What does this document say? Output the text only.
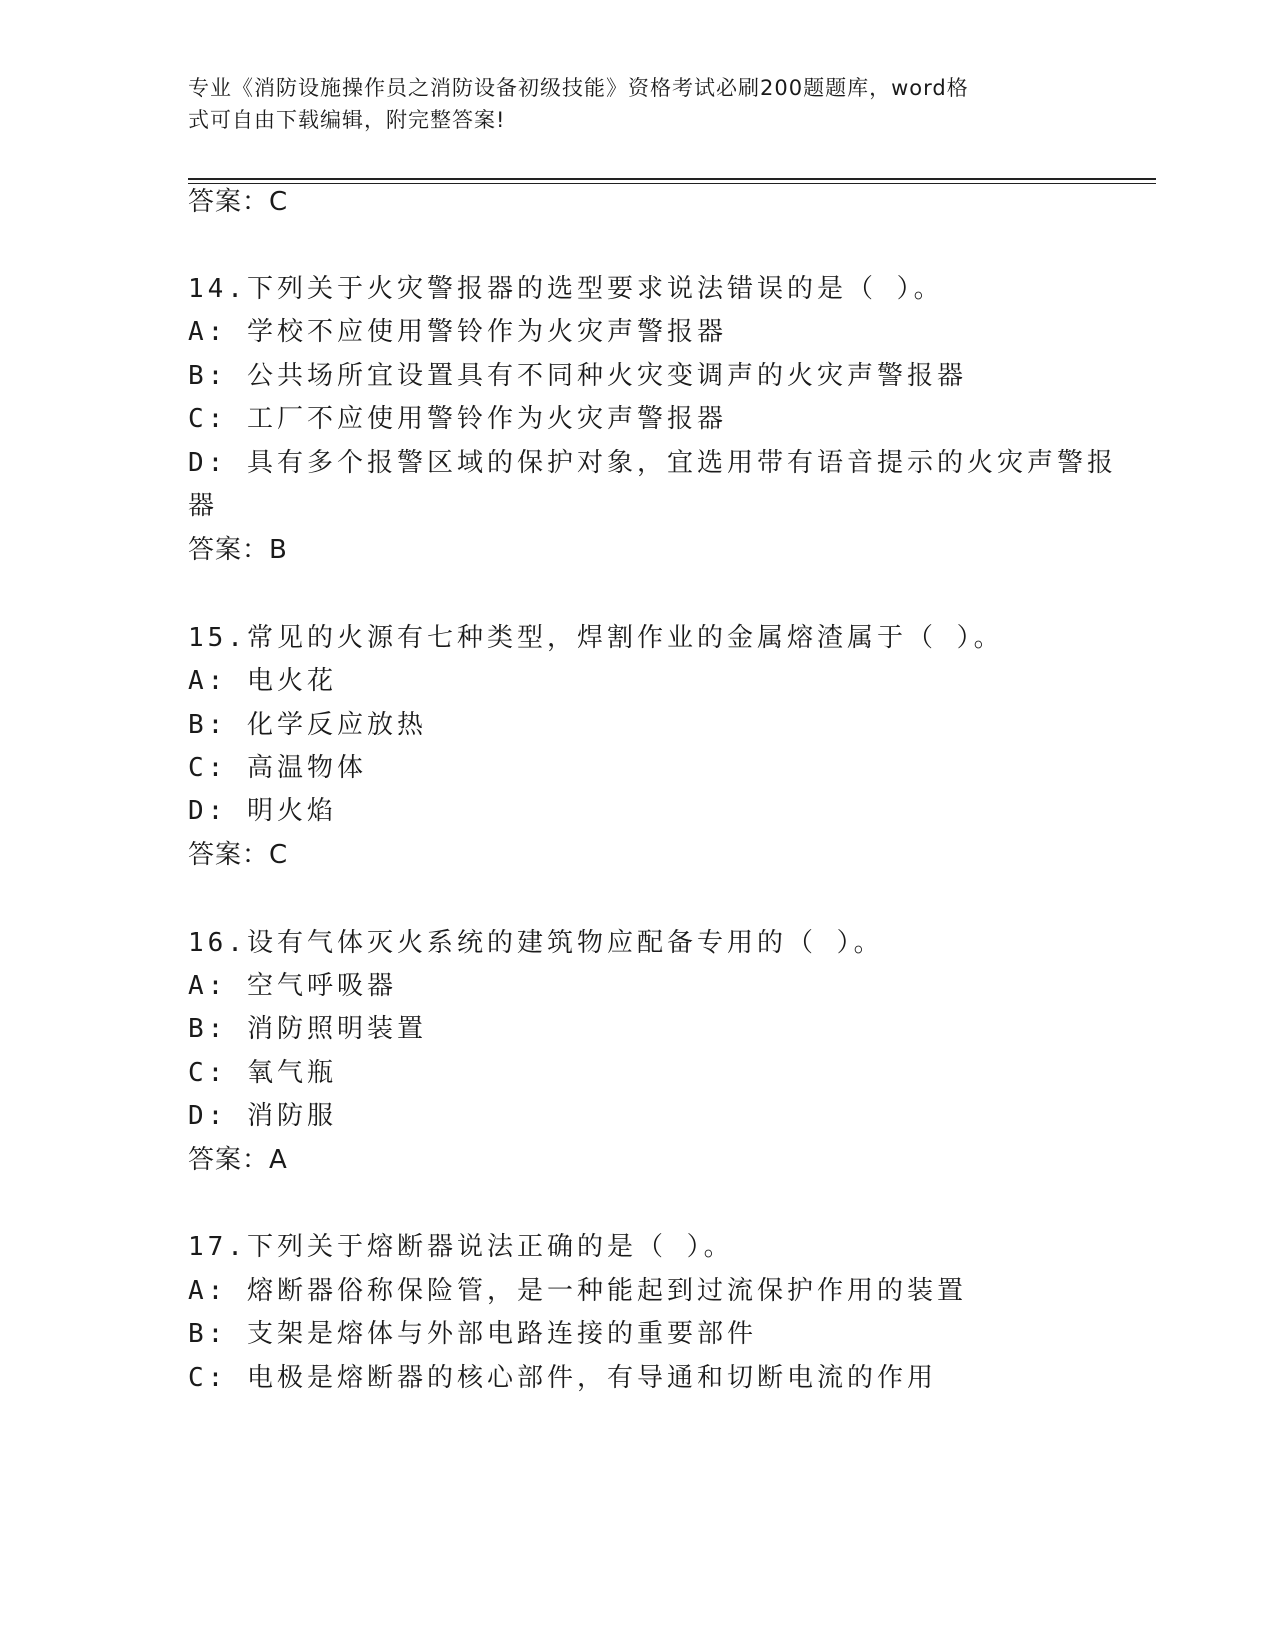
专业《消防设施操作员之消防设备初级技能》资格考试必刷200题题库，word格
式可自由下载编辑，附完整答案!
答案：C
14.下列关于火灾警报器的选型要求说法错误的是（ ）。
A: 学校不应使用警铃作为火灾声警报器
B: 公共场所宜设置具有不同种火灾变调声的火灾声警报器
C: 工厂不应使用警铃作为火灾声警报器
D: 具有多个报警区域的保护对象，宜选用带有语音提示的火灾声警报
器
答案：B
15.常见的火源有七种类型，焊割作业的金属熔渣属于（ ）。
A: 电火花
B: 化学反应放热
C: 高温物体
D: 明火焰
答案：C
16.设有气体灭火系统的建筑物应配备专用的（ ）。
A: 空气呼吸器
B: 消防照明装置
C: 氧气瓶
D: 消防服
答案：A
17.下列关于熔断器说法正确的是（ ）。
A: 熔断器俗称保险管，是一种能起到过流保护作用的装置
B: 支架是熔体与外部电路连接的重要部件
C: 电极是熔断器的核心部件，有导通和切断电流的作用
